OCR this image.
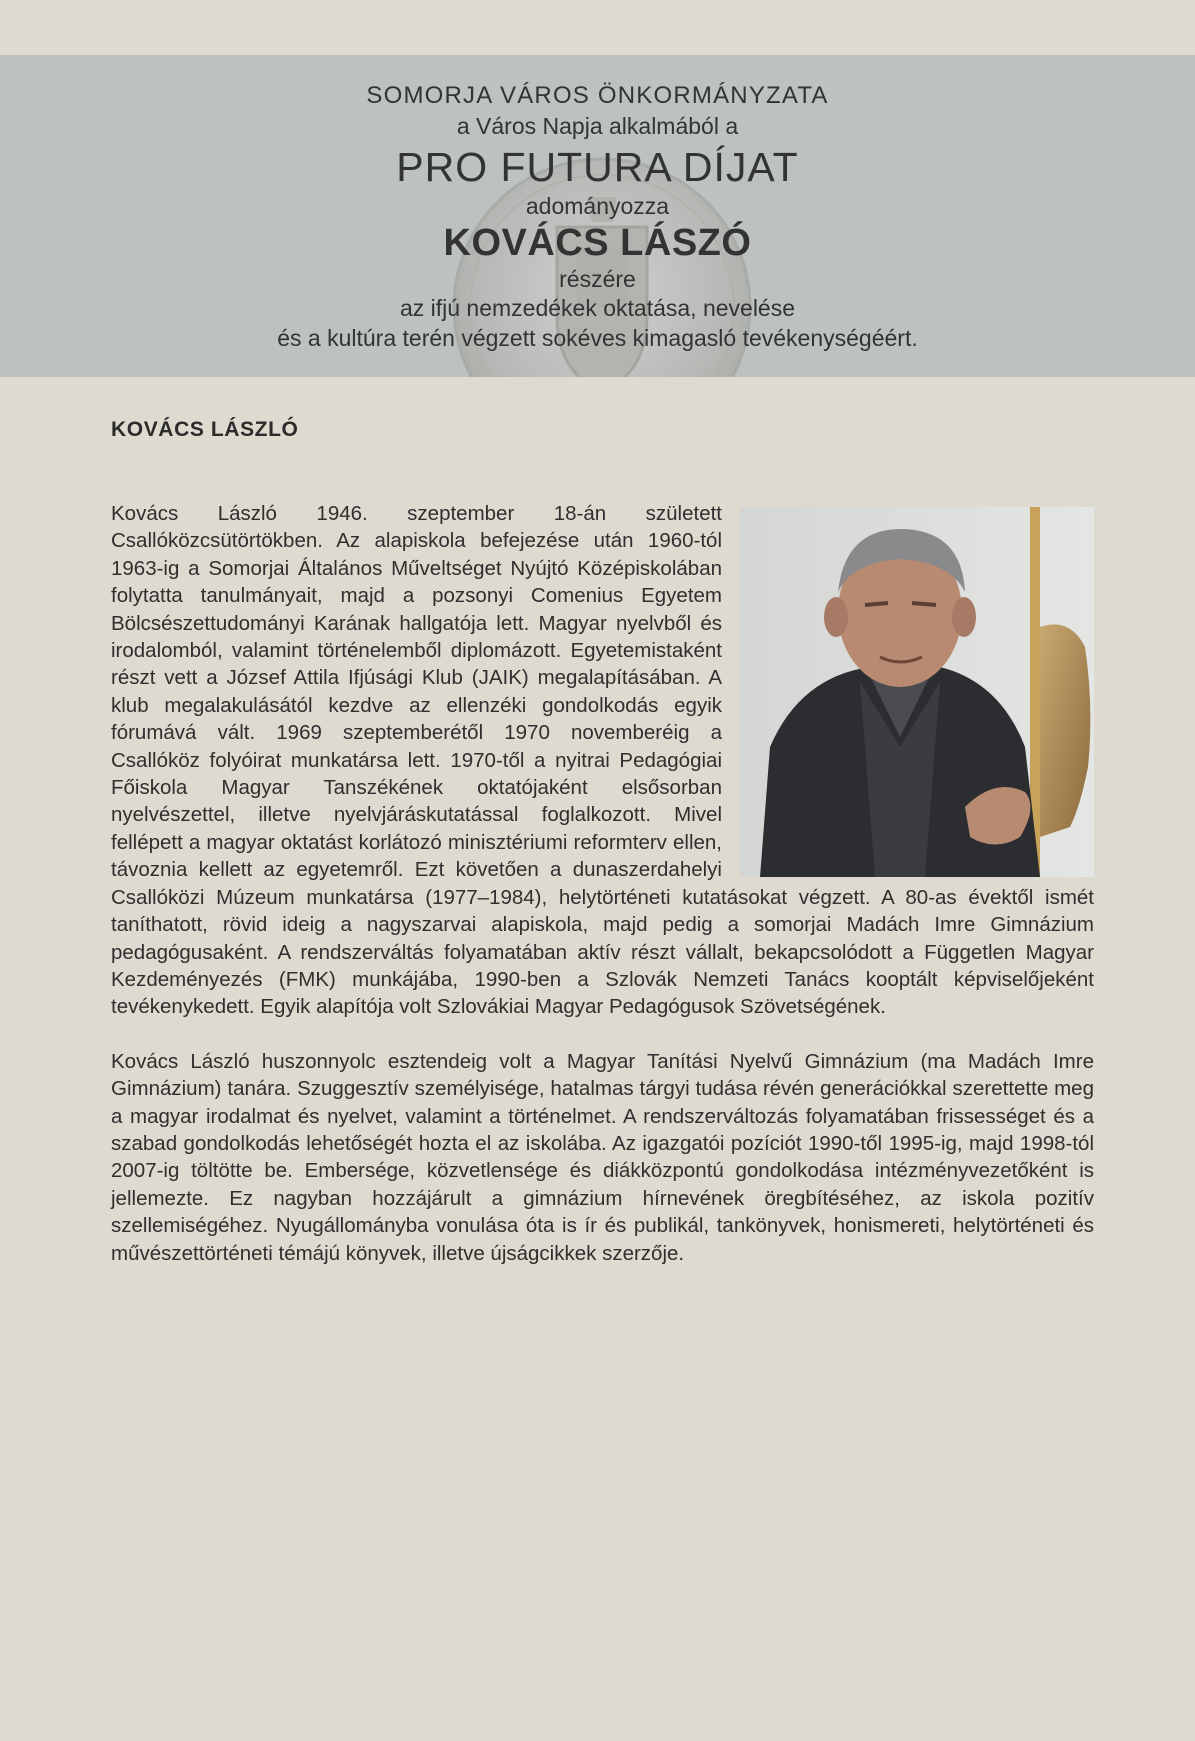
SOMORJA VÁROS ÖNKORMÁNYZATA
a Város Napja alkalmából a
PRO FUTURA DÍJAT
adományozza
KOVÁCS LÁSZÓ
részére
az ifjú nemzedékek oktatása, nevelése
és a kultúra terén végzett sokéves kimagasló tevékenységéért.
KOVÁCS LÁSZLÓ

Kovács László 1946. szeptember 18-án született Csallóközcsütörtökben. Az alapiskola befejezése után 1960-tól 1963-ig a Somorjai Általános Műveltséget Nyújtó Középiskolában folytatta tanulmányait, majd a pozsonyi Comenius Egyetem Bölcsészettudományi Karának hallgatója lett. Magyar nyelvből és irodalomból, valamint történelemből diplomázott. Egyetemistaként részt vett a József Attila Ifjúsági Klub (JAIK) megalapításában. A klub megalakulásától kezdve az ellenzéki gondolkodás egyik fórumává vált. 1969 szeptemberétől 1970 novemberéig a Csallóköz folyóirat munkatársa lett. 1970-től a nyitrai Pedagógiai Főiskola Magyar Tanszékének oktatójaként elsősorban nyelvészettel, illetve nyelvjáráskutatással foglalkozott. Mivel fellépett a magyar oktatást korlátozó minisztériumi reformterv ellen, távoznia kellett az egyetemről. Ezt követően a dunaszerdahelyi Csallóközi Múzeum munkatársa (1977–1984), helytörténeti kutatásokat végzett. A 80-as évektől ismét taníthatott, rövid ideig a nagyszarvai alapiskola, majd pedig a somorjai Madách Imre Gimnázium pedagógusaként. A rendszerváltás folyamatában aktív részt vállalt, bekapcsolódott a Független Magyar Kezdeményezés (FMK) munkájába, 1990-ben a Szlovák Nemzeti Tanács kooptált képviselőjeként tevékenykedett. Egyik alapítója volt Szlovákiai Magyar Pedagógusok Szövetségének.

Kovács László huszonnyolc esztendeig volt a Magyar Tanítási Nyelvű Gimnázium (ma Madách Imre Gimnázium) tanára. Szuggesztív személyisége, hatalmas tárgyi tudása révén generációkkal szerettette meg a magyar irodalmat és nyelvet, valamint a történelmet. A rendszerváltozás folyamatában frissességet és a szabad gondolkodás lehetőségét hozta el az iskolába. Az igazgatói pozíciót 1990-től 1995-ig, majd 1998-tól 2007-ig töltötte be. Embersége, közvetlensége és diákközpontú gondolkodása intézményvezetőként is jellemezte. Ez nagyban hozzájárult a gimnázium hírnevének öregbítéséhez, az iskola pozitív szellemiségéhez. Nyugállományba vonulása óta is ír és publikál, tankönyvek, honismereti, helytörténeti és művészettörténeti témájú könyvek, illetve újságcikkek szerzője.
